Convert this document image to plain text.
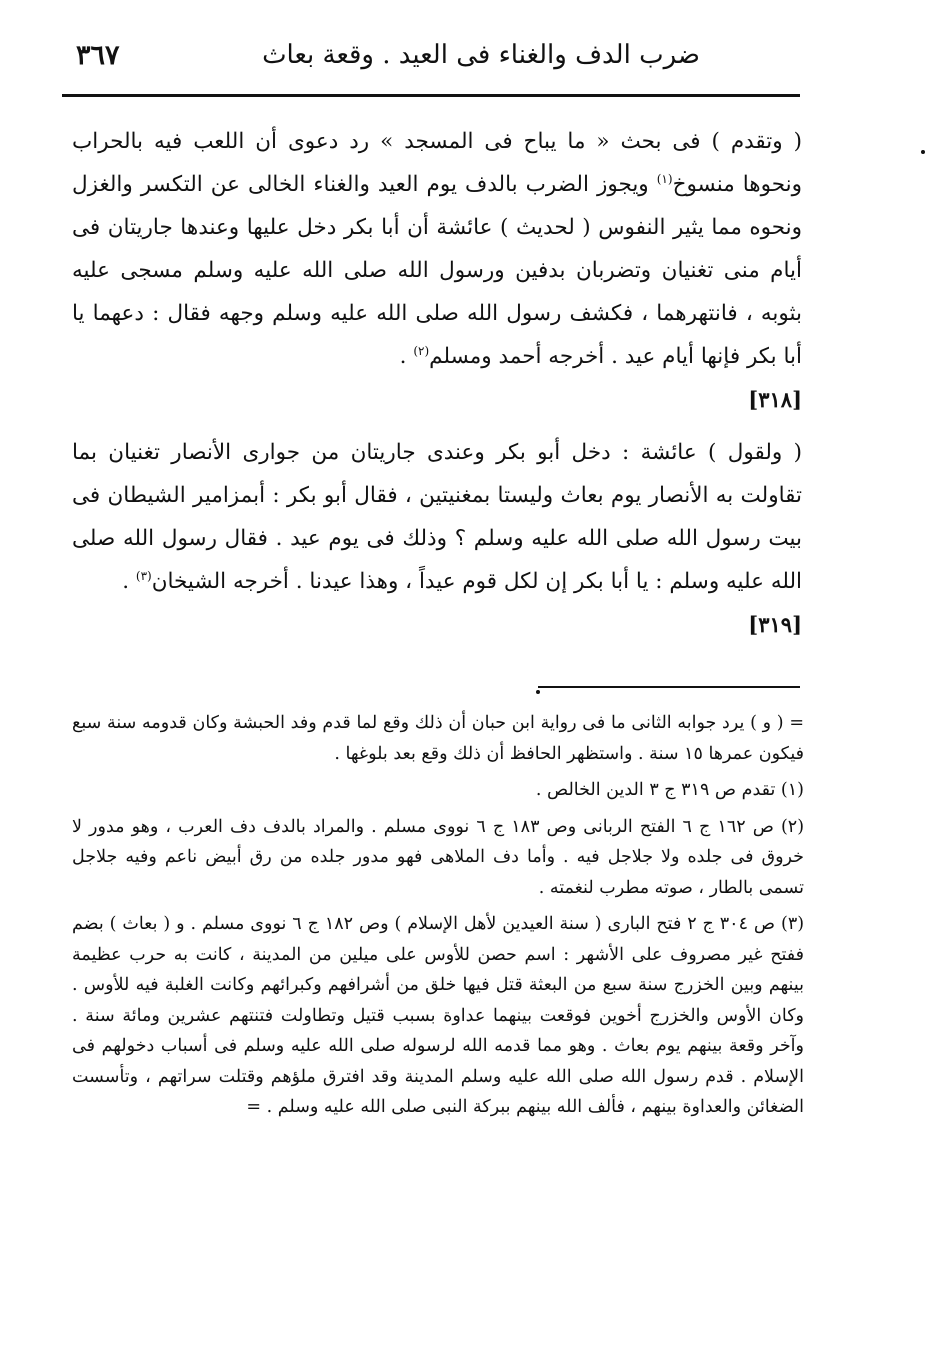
ضرب الدف والغناء فى العيد . وقعة بعاث
٣٦٧

( وتقدم ) فى بحث « ما يباح فى المسجد » رد دعوى أن اللعب فيه بالحراب ونحوها منسوخ$^{(١)}$ ويجوز الضرب بالدف يوم العيد والغناء الخالى عن التكسر والغزل ونحوه مما يثير النفوس ( لحديث ) عائشة أن أبا بكر دخل عليها وعندها جاريتان فى أيام منى تغنيان وتضربان بدفين ورسول الله صلى الله عليه وسلم مسجى عليه بثوبه ، فانتهرهما ، فكشف رسول الله صلى الله عليه وسلم وجهه فقال : دعهما يا أبا بكر فإنها أيام عيد . أخرجه أحمد ومسلم$^{(٢)}$ .

[٣١٨]

( ولقول ) عائشة : دخل أبو بكر وعندى جاريتان من جوارى الأنصار تغنيان بما تقاولت به الأنصار يوم بعاث وليستا بمغنيتين ، فقال أبو بكر : أبمزامير الشيطان فى بيت رسول الله صلى الله عليه وسلم ؟ وذلك فى يوم عيد . فقال رسول الله صلى الله عليه وسلم : يا أبا بكر إن لكل قوم عيداً ، وهذا عيدنا . أخرجه الشيخان$^{(٣)}$ .

[٣١٩]

= ( و ) يرد جوابه الثانى ما فى رواية ابن حبان أن ذلك وقع لما قدم وفد الحبشة وكان قدومه سنة سبع فيكون عمرها ١٥ سنة . واستظهر الحافظ أن ذلك وقع بعد بلوغها .

(١) تقدم ص ٣١٩ ج ٣ الدين الخالص .

(٢) ص ١٦٢ ج ٦ الفتح الربانى وص ١٨٣ ج ٦ نووى مسلم . والمراد بالدف دف العرب ، وهو مدور لا خروق فى جلده ولا جلاجل فيه . وأما دف الملاهى فهو مدور جلده من رق أبيض ناعم وفيه جلاجل تسمى بالطار ، صوته مطرب لنغمته .

(٣) ص ٣٠٤ ج ٢ فتح البارى ( سنة العيدين لأهل الإسلام ) وص ١٨٢ ج ٦ نووى مسلم . و ( بعاث ) بضم ففتح غير مصروف على الأشهر : اسم حصن للأوس على ميلين من المدينة ، كانت به حرب عظيمة بينهم وبين الخزرج سنة سبع من البعثة قتل فيها خلق من أشرافهم وكبرائهم وكانت الغلبة فيه للأوس . وكان الأوس والخزرج أخوين فوقعت بينهما عداوة بسبب قتيل وتطاولت فتنتهم عشرين ومائة سنة . وآخر وقعة بينهم يوم بعاث . وهو مما قدمه الله لرسوله صلى الله عليه وسلم فى أسباب دخولهم فى الإسلام . قدم رسول الله صلى الله عليه وسلم المدينة وقد افترق ملؤهم وقتلت سراتهم ، وتأسست الضغائن والعداوة بينهم ، فألف الله بينهم ببركة النبى صلى الله عليه وسلم . =
